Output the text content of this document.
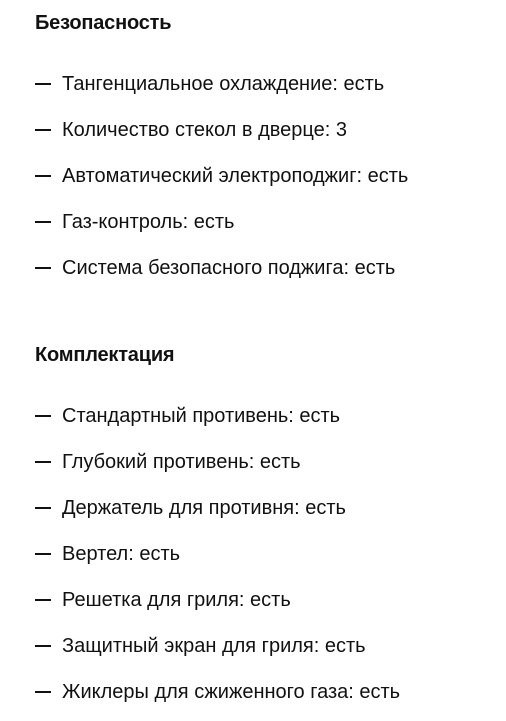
Безопасность
Тангенциальное охлаждение: есть
Количество стекол в дверце: 3
Автоматический электроподжиг: есть
Газ-контроль: есть
Система безопасного поджига: есть
Комплектация
Стандартный противень: есть
Глубокий противень: есть
Держатель для противня: есть
Вертел: есть
Решетка для гриля: есть
Защитный экран для гриля: есть
Жиклеры для сжиженного газа: есть
